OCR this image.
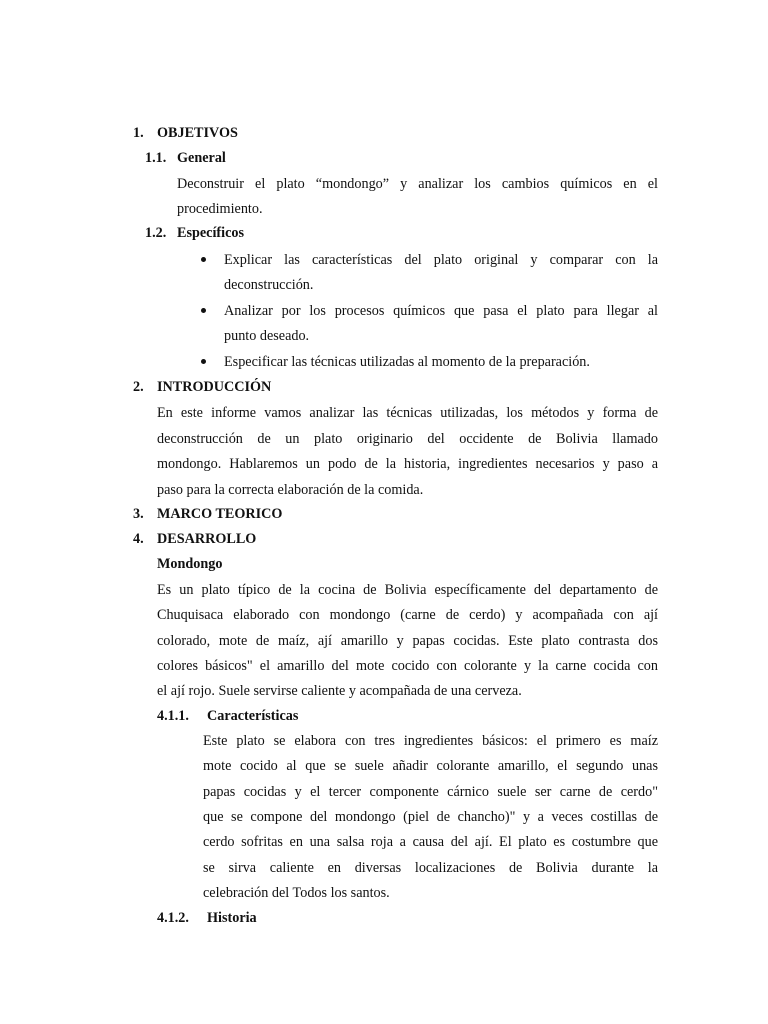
1. OBJETIVOS
1.1. General
Deconstruir el plato “mondongo” y analizar los cambios químicos en el
procedimiento.
1.2. Específicos
Explicar las características del plato original y comparar con la
deconstrucción.
Analizar por los procesos químicos que pasa el plato para llegar al
punto deseado.
Especificar las técnicas utilizadas al momento de la preparación.
2. INTRODUCCIÓN
En este informe vamos analizar las técnicas utilizadas, los métodos y forma de
deconstrucción de un plato originario del occidente de Bolivia llamado
mondongo. Hablaremos un podo de la historia, ingredientes necesarios y paso a
paso para la correcta elaboración de la comida.
3. MARCO TEORICO
4. DESARROLLO
Mondongo
Es un plato típico de la cocina de Bolivia específicamente del departamento de
Chuquisaca elaborado con mondongo (carne de cerdo) y acompañada con ají
colorado, mote de maíz, ají amarillo y papas cocidas. Este plato contrasta dos
colores básicos" el amarillo del mote cocido con colorante y la carne cocida con
el ají rojo. Suele servirse caliente y acompañada de una cerveza.
4.1.1. Características
Este plato se elabora con tres ingredientes básicos: el primero es maíz
mote cocido al que se suele añadir colorante amarillo, el segundo unas
papas cocidas y el tercer componente cárnico suele ser carne de cerdo"
que se compone del mondongo (piel de chancho)" y a veces costillas de
cerdo sofritas en una salsa roja a causa del ají. El plato es costumbre que
se sirva caliente en diversas localizaciones de Bolivia durante la
celebración del Todos los santos.
4.1.2. Historia
